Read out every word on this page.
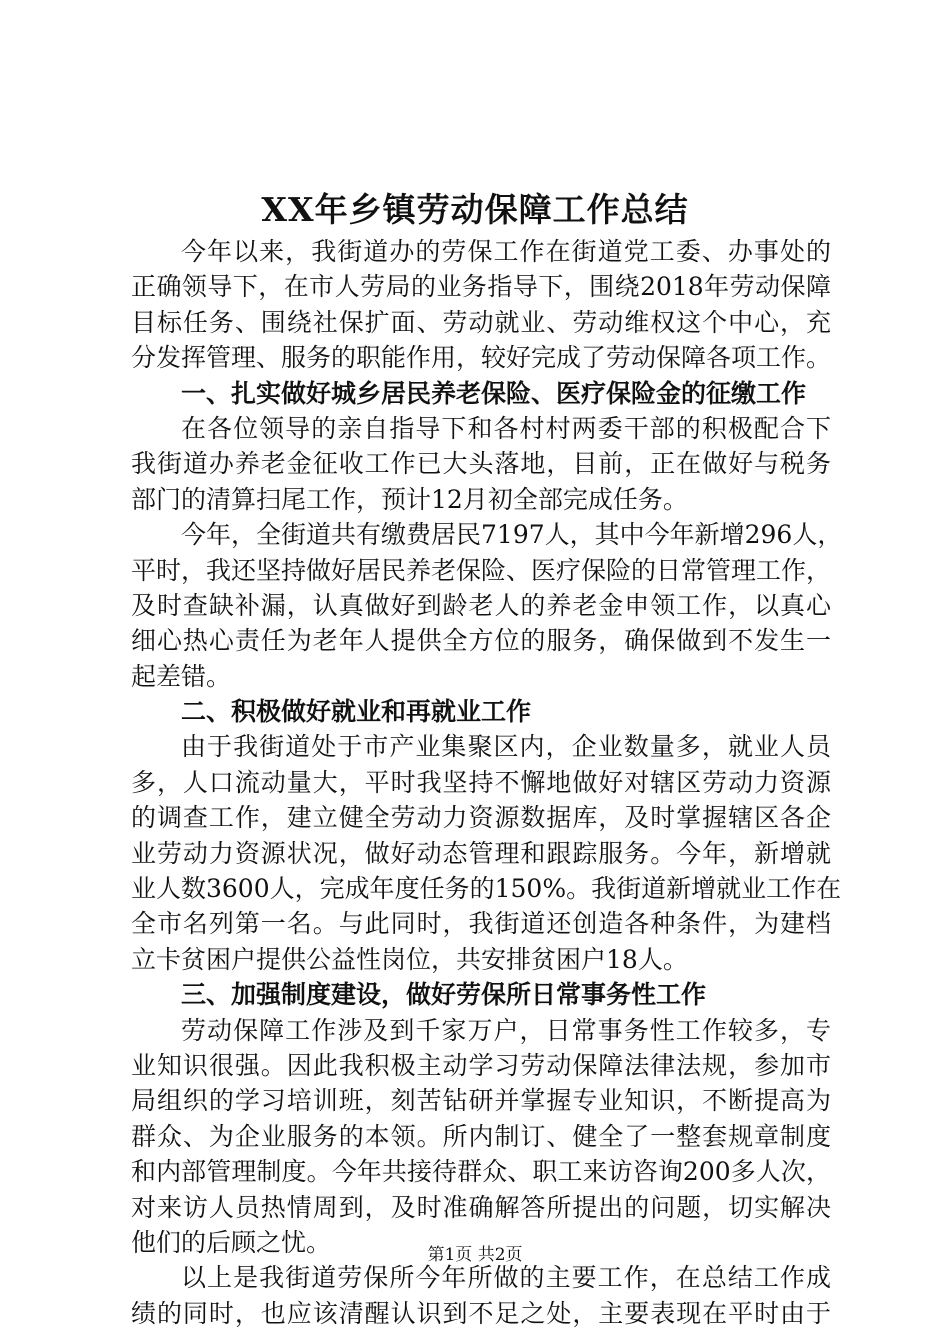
XX年乡镇劳动保障工作总结
今年以来，我街道办的劳保工作在街道党工委、办事处的
正确领导下，在市人劳局的业务指导下，围绕2018年劳动保障
目标任务、围绕社保扩面、劳动就业、劳动维权这个中心，充
分发挥管理、服务的职能作用，较好完成了劳动保障各项工作。
一、扎实做好城乡居民养老保险、医疗保险金的征缴工作
在各位领导的亲自指导下和各村村两委干部的积极配合下
我街道办养老金征收工作已大头落地，目前，正在做好与税务
部门的清算扫尾工作，预计12月初全部完成任务。
今年，全街道共有缴费居民7197人，其中今年新增296人，
平时，我还坚持做好居民养老保险、医疗保险的日常管理工作，
及时查缺补漏，认真做好到龄老人的养老金申领工作，以真心
细心热心责任为老年人提供全方位的服务，确保做到不发生一
起差错。
二、积极做好就业和再就业工作
由于我街道处于市产业集聚区内，企业数量多，就业人员
多，人口流动量大，平时我坚持不懈地做好对辖区劳动力资源
的调查工作，建立健全劳动力资源数据库，及时掌握辖区各企
业劳动力资源状况，做好动态管理和跟踪服务。今年，新增就
业人数3600人，完成年度任务的150%。我街道新增就业工作在
全市名列第一名。与此同时，我街道还创造各种条件，为建档
立卡贫困户提供公益性岗位，共安排贫困户18人。
三、加强制度建设，做好劳保所日常事务性工作
劳动保障工作涉及到千家万户，日常事务性工作较多，专
业知识很强。因此我积极主动学习劳动保障法律法规，参加市
局组织的学习培训班，刻苦钻研并掌握专业知识，不断提高为
群众、为企业服务的本领。所内制订、健全了一整套规章制度
和内部管理制度。今年共接待群众、职工来访咨询200多人次，
对来访人员热情周到，及时准确解答所提出的问题，切实解决
他们的后顾之忧。
以上是我街道劳保所今年所做的主要工作，在总结工作成
绩的同时，也应该清醒认识到不足之处，主要表现在平时由于
第1页 共2页
